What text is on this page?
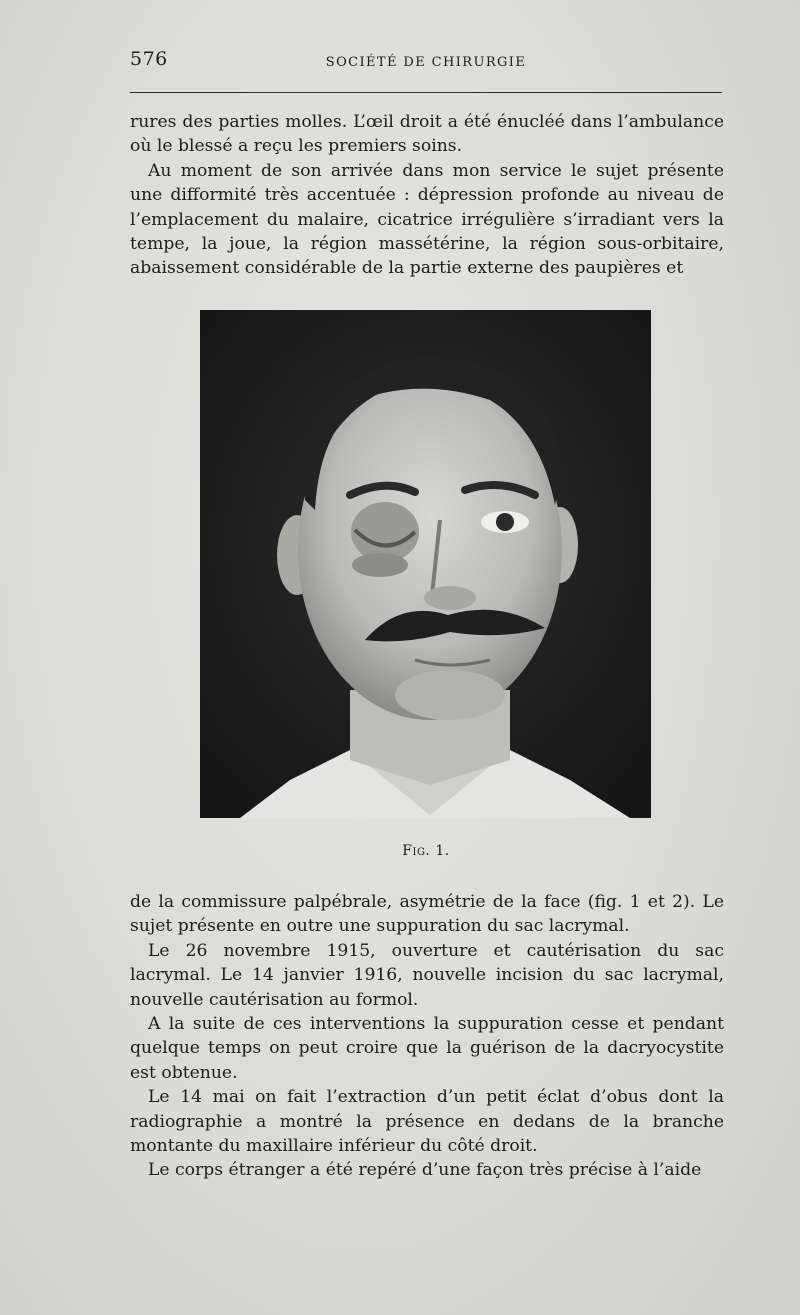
576	SOCIÉTÉ DE CHIRURGIE

rures des parties molles. L’œil droit a été énucléé dans l’ambulance où le blessé a reçu les premiers soins.

Au moment de son arrivée dans mon service le sujet présente une difformité très accentuée : dépression profonde au niveau de l’emplacement du malaire, cicatrice irrégulière s’irradiant vers la tempe, la joue, la région massétérine, la région sous-orbitaire, abaissement considérable de la partie externe des paupières et

Fig. 1.

de la commissure palpébrale, asymétrie de la face (fig. 1 et 2). Le sujet présente en outre une suppuration du sac lacrymal.

Le 26 novembre 1915, ouverture et cautérisation du sac lacrymal. Le 14 janvier 1916, nouvelle incision du sac lacrymal, nouvelle cautérisation au formol.

A la suite de ces interventions la suppuration cesse et pendant quelque temps on peut croire que la guérison de la dacryocystite est obtenue.

Le 14 mai on fait l’extraction d’un petit éclat d’obus dont la radiographie a montré la présence en dedans de la branche montante du maxillaire inférieur du côté droit.

Le corps étranger a été repéré d’une façon très précise à l’aide
